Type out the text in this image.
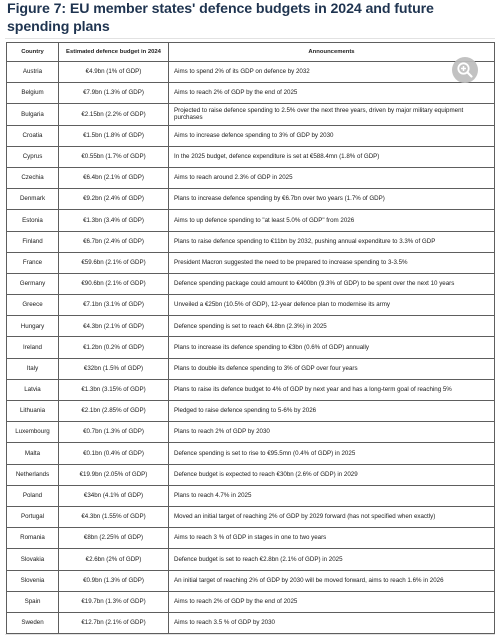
Figure 7: EU member states' defence budgets in 2024 and future spending plans
Country	Estimated defence budget in 2024	Announcements
Austria	€4.9bn (1% of GDP)	Aims to spend 2% of its GDP on defence by 2032
Belgium	€7.9bn (1.3% of GDP)	Aims to reach 2% of GDP by the end of 2025
Bulgaria	€2.15bn (2.2% of GDP)	Projected to raise defence spending to 2.5% over the next three years, driven by major military equipment purchases
Croatia	€1.5bn (1.8% of GDP)	Aims to increase defence spending to 3% of GDP by 2030
Cyprus	€0.55bn (1.7% of GDP)	In the 2025 budget, defence expenditure is set at €588.4mn (1.8% of GDP)
Czechia	€6.4bn (2.1% of GDP)	Aims to reach around 2.3% of GDP in 2025
Denmark	€9.2bn (2.4% of GDP)	Plans to increase defence spending by €6.7bn over two years (1.7% of GDP)
Estonia	€1.3bn (3.4% of GDP)	Aims to up defence spending to "at least 5.0% of GDP" from 2026
Finland	€6.7bn (2.4% of GDP)	Plans to raise defence spending to €11bn by 2032, pushing annual expenditure to 3.3% of GDP
France	€59.6bn (2.1% of GDP)	President Macron suggested the need to be prepared to increase spending to 3-3.5%
Germany	€90.6bn (2.1% of GDP)	Defence spending package could amount to €400bn (9.3% of GDP) to be spent over the next 10 years
Greece	€7.1bn (3.1% of GDP)	Unveiled a €25bn (10.5% of GDP), 12-year defence plan to modernise its army
Hungary	€4.3bn (2.1% of GDP)	Defence spending is set to reach €4.8bn (2.3%) in 2025
Ireland	€1.2bn (0.2% of GDP)	Plans to increase its defence spending to €3bn (0.6% of GDP) annually
Italy	€32bn (1.5% of GDP)	Plans to double its defence spending to 3% of GDP over four years
Latvia	€1.3bn (3.15% of GDP)	Plans to raise its defence budget to 4% of GDP by next year and has a long-term goal of reaching 5%
Lithuania	€2.1bn (2.85% of GDP)	Pledged to raise defence spending to 5-6% by 2026
Luxembourg	€0.7bn (1.3% of GDP)	Plans to reach 2% of GDP by 2030
Malta	€0.1bn (0.4% of GDP)	Defence spending is set to rise to €95.5mn (0.4% of GDP) in 2025
Netherlands	€19.9bn (2.05% of GDP)	Defence budget is expected to reach €30bn (2.6% of GDP) in 2029
Poland	€34bn (4.1% of GDP)	Plans to reach 4.7% in 2025
Portugal	€4.3bn (1.55% of GDP)	Moved an initial target of reaching 2% of GDP by 2029 forward (has not specified when exactly)
Romania	€8bn (2.25% of GDP)	Aims to reach 3 % of GDP in stages in one to two years
Slovakia	€2.6bn (2% of GDP)	Defence budget is set to reach €2.8bn (2.1% of GDP) in 2025
Slovenia	€0.9bn (1.3% of GDP)	An initial target of reaching 2% of GDP by 2030 will be moved forward, aims to reach 1.6% in 2026
Spain	€19.7bn (1.3% of GDP)	Aims to reach 2% of GDP by the end of 2025
Sweden	€12.7bn (2.1% of GDP)	Aims to reach 3.5 % of GDP by 2030
